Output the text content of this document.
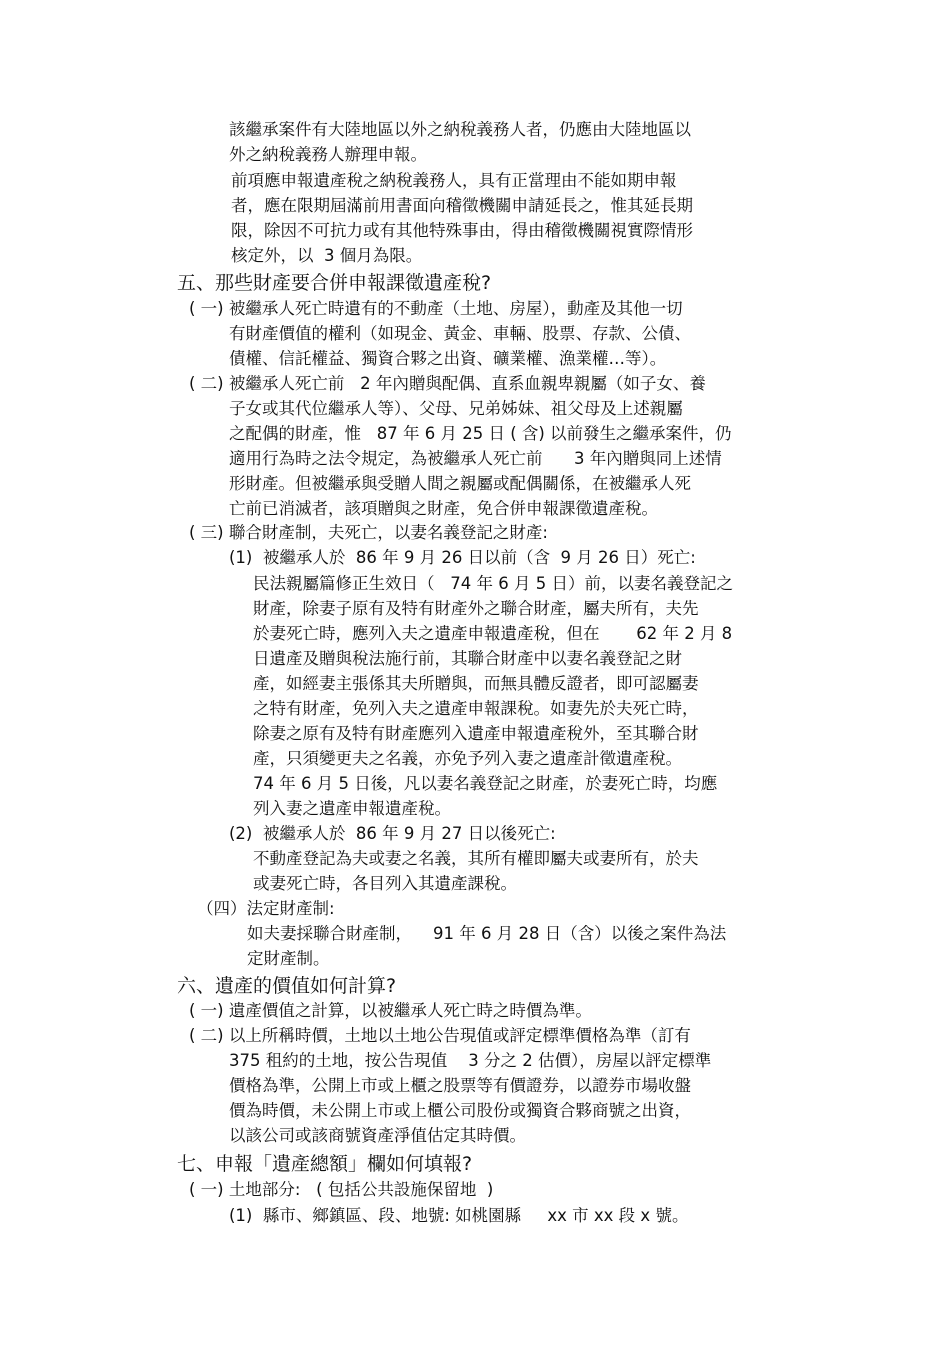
該繼承案件有大陸地區以外之納稅義務人者，仍應由大陸地區以
外之納稅義務人辦理申報。
前項應申報遺產稅之納稅義務人，具有正當理由不能如期申報
者，應在限期屆滿前用書面向稽徵機關申請延長之，惟其延長期
限，除因不可抗力或有其他特殊事由，得由稽徵機關視實際情形
核定外，以  3 個月為限。
五、那些財產要合併申報課徵遺產稅?
( 一) 被繼承人死亡時遺有的不動產（土地、房屋），動產及其他一切
有財產價值的權利（如現金、黃金、車輛、股票、存款、公債、
債權、信託權益、獨資合夥之出資、礦業權、漁業權…等）。
( 二) 被繼承人死亡前   2 年內贈與配偶、直系血親卑親屬（如子女、養
子女或其代位繼承人等）、父母、兄弟姊妹、祖父母及上述親屬
之配偶的財產，惟   87 年 6 月 25 日 ( 含) 以前發生之繼承案件，仍
適用行為時之法令規定，為被繼承人死亡前      3 年內贈與同上述情
形財產。但被繼承與受贈人間之親屬或配偶關係，在被繼承人死
亡前已消滅者，該項贈與之財產，免合併申報課徵遺產稅。
( 三) 聯合財產制，夫死亡，以妻名義登記之財產:
(1)  被繼承人於  86 年 9 月 26 日以前（含  9 月 26 日）死亡:
民法親屬篇修正生效日（   74 年 6 月 5 日）前，以妻名義登記之
財產，除妻子原有及特有財產外之聯合財產，屬夫所有，夫先
於妻死亡時，應列入夫之遺產申報遺產稅，但在       62 年 2 月 8
日遺產及贈與稅法施行前，其聯合財產中以妻名義登記之財
產，如經妻主張係其夫所贈與，而無具體反證者，即可認屬妻
之特有財產，免列入夫之遺產申報課稅。如妻先於夫死亡時，
除妻之原有及特有財產應列入遺產申報遺產稅外，至其聯合財
產，只須變更夫之名義，亦免予列入妻之遺產計徵遺產稅。
74 年 6 月 5 日後，凡以妻名義登記之財產，於妻死亡時，均應
列入妻之遺產申報遺產稅。
(2)  被繼承人於  86 年 9 月 27 日以後死亡:
不動產登記為夫或妻之名義，其所有權即屬夫或妻所有，於夫
或妻死亡時，各目列入其遺產課稅。
（四）法定財產制:
如夫妻採聯合財產制，    91 年 6 月 28 日（含）以後之案件為法
定財產制。
六、遺產的價值如何計算?
( 一) 遺產價值之計算，以被繼承人死亡時之時價為準。
( 二) 以上所稱時價，土地以土地公告現值或評定標準價格為準（訂有
375 租約的土地，按公告現值    3 分之 2 估價），房屋以評定標準
價格為準，公開上市或上櫃之股票等有價證券，以證券市場收盤
價為時價，未公開上市或上櫃公司股份或獨資合夥商號之出資，
以該公司或該商號資產淨值估定其時價。
七、申報「遺產總額」欄如何填報?
( 一) 土地部分:   ( 包括公共設施保留地  )
(1)  縣市、鄉鎮區、段、地號: 如桃園縣     xx 市 xx 段 x 號。
